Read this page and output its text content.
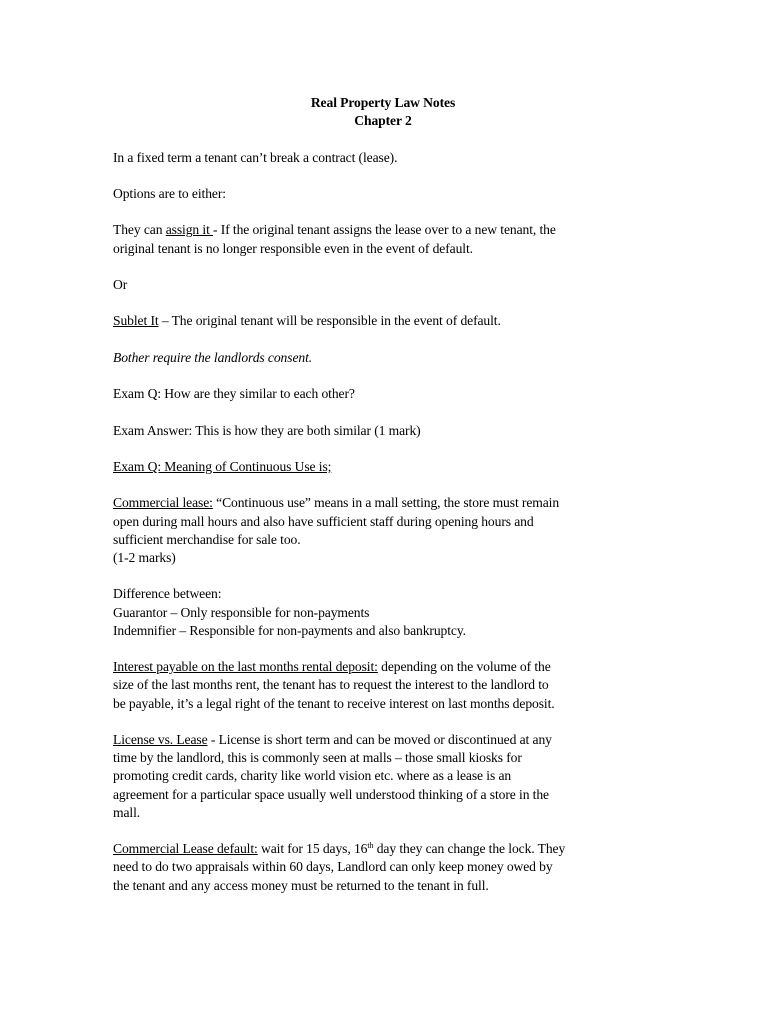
Real Property Law Notes
Chapter 2

In a fixed term a tenant can’t break a contract (lease).

Options are to either:

They can assign it - If the original tenant assigns the lease over to a new tenant, the
original tenant is no longer responsible even in the event of default.

Or

Sublet It – The original tenant will be responsible in the event of default.

Bother require the landlords consent.

Exam Q: How are they similar to each other?

Exam Answer: This is how they are both similar (1 mark)

Exam Q: Meaning of Continuous Use is;

Commercial lease: “Continuous use” means in a mall setting, the store must remain
open during mall hours and also have sufficient staff during opening hours and
sufficient merchandise for sale too.
(1-2 marks)

Difference between:
Guarantor – Only responsible for non-payments
Indemnifier – Responsible for non-payments and also bankruptcy.

Interest payable on the last months rental deposit: depending on the volume of the
size of the last months rent, the tenant has to request the interest to the landlord to
be payable, it’s a legal right of the tenant to receive interest on last months deposit.

License vs. Lease - License is short term and can be moved or discontinued at any
time by the landlord, this is commonly seen at malls – those small kiosks for
promoting credit cards, charity like world vision etc. where as a lease is an
agreement for a particular space usually well understood thinking of a store in the
mall.

Commercial Lease default: wait for 15 days, 16th day they can change the lock. They
need to do two appraisals within 60 days, Landlord can only keep money owed by
the tenant and any access money must be returned to the tenant in full.
